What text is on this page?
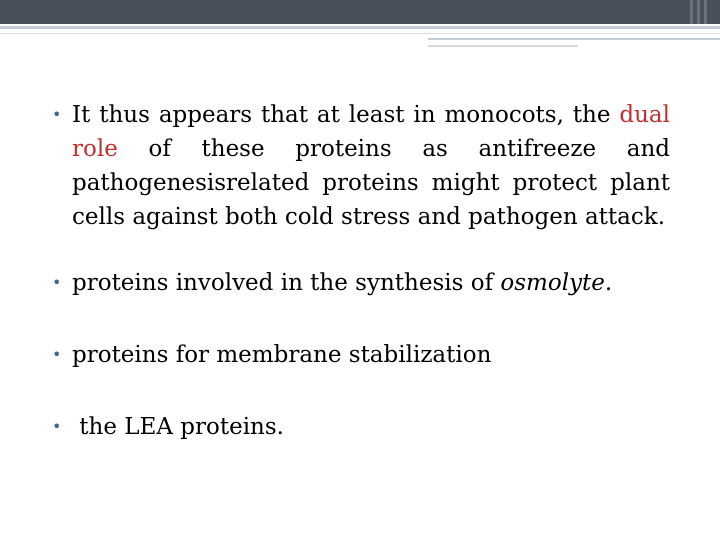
• It thus appears that at least in monocots, the dual role of these proteins as antifreeze and pathogenesisrelated proteins might protect plant cells against both cold stress and pathogen attack.
• proteins involved in the synthesis of osmolyte.
• proteins for membrane stabilization
• the LEA proteins.
